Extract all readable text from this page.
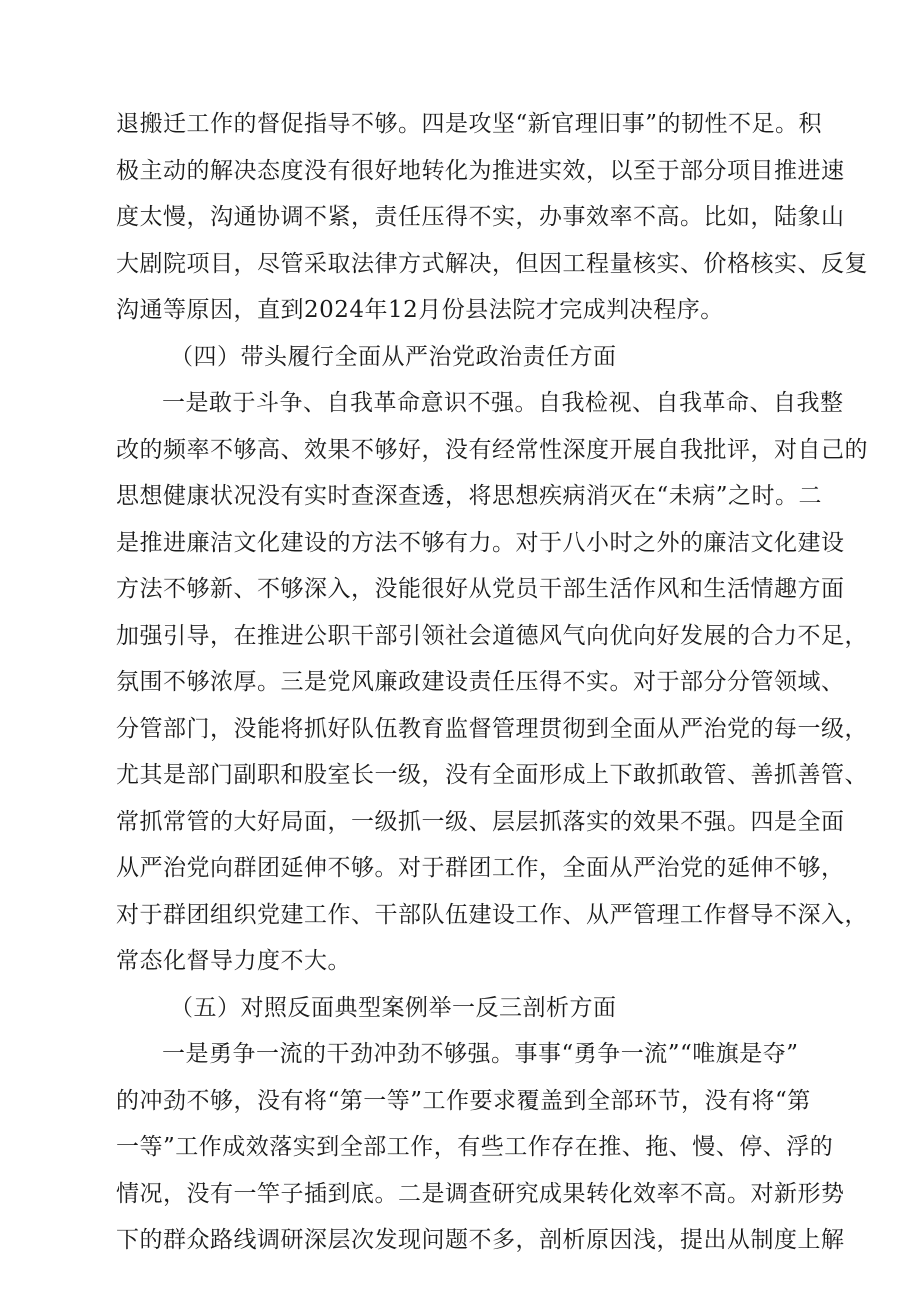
退搬迁工作的督促指导不够。四是攻坚“新官理旧事”的韧性不足。积
极主动的解决态度没有很好地转化为推进实效，以至于部分项目推进速
度太慢，沟通协调不紧，责任压得不实，办事效率不高。比如，陆象山
大剧院项目，尽管采取法律方式解决，但因工程量核实、价格核实、反复
沟通等原因，直到2024年12月份县法院才完成判决程序。
（四）带头履行全面从严治党政治责任方面
一是敢于斗争、自我革命意识不强。自我检视、自我革命、自我整
改的频率不够高、效果不够好，没有经常性深度开展自我批评，对自己的
思想健康状况没有实时查深查透，将思想疾病消灭在“未病”之时。二
是推进廉洁文化建设的方法不够有力。对于八小时之外的廉洁文化建设
方法不够新、不够深入，没能很好从党员干部生活作风和生活情趣方面
加强引导，在推进公职干部引领社会道德风气向优向好发展的合力不足，
氛围不够浓厚。三是党风廉政建设责任压得不实。对于部分分管领域、
分管部门，没能将抓好队伍教育监督管理贯彻到全面从严治党的每一级，
尤其是部门副职和股室长一级，没有全面形成上下敢抓敢管、善抓善管、
常抓常管的大好局面，一级抓一级、层层抓落实的效果不强。四是全面
从严治党向群团延伸不够。对于群团工作，全面从严治党的延伸不够，
对于群团组织党建工作、干部队伍建设工作、从严管理工作督导不深入，
常态化督导力度不大。
（五）对照反面典型案例举一反三剖析方面
一是勇争一流的干劲冲劲不够强。事事“勇争一流”“唯旗是夺”
的冲劲不够，没有将“第一等”工作要求覆盖到全部环节，没有将“第
一等”工作成效落实到全部工作，有些工作存在推、拖、慢、停、浮的
情况，没有一竿子插到底。二是调查研究成果转化效率不高。对新形势
下的群众路线调研深层次发现问题不多，剖析原因浅，提出从制度上解
